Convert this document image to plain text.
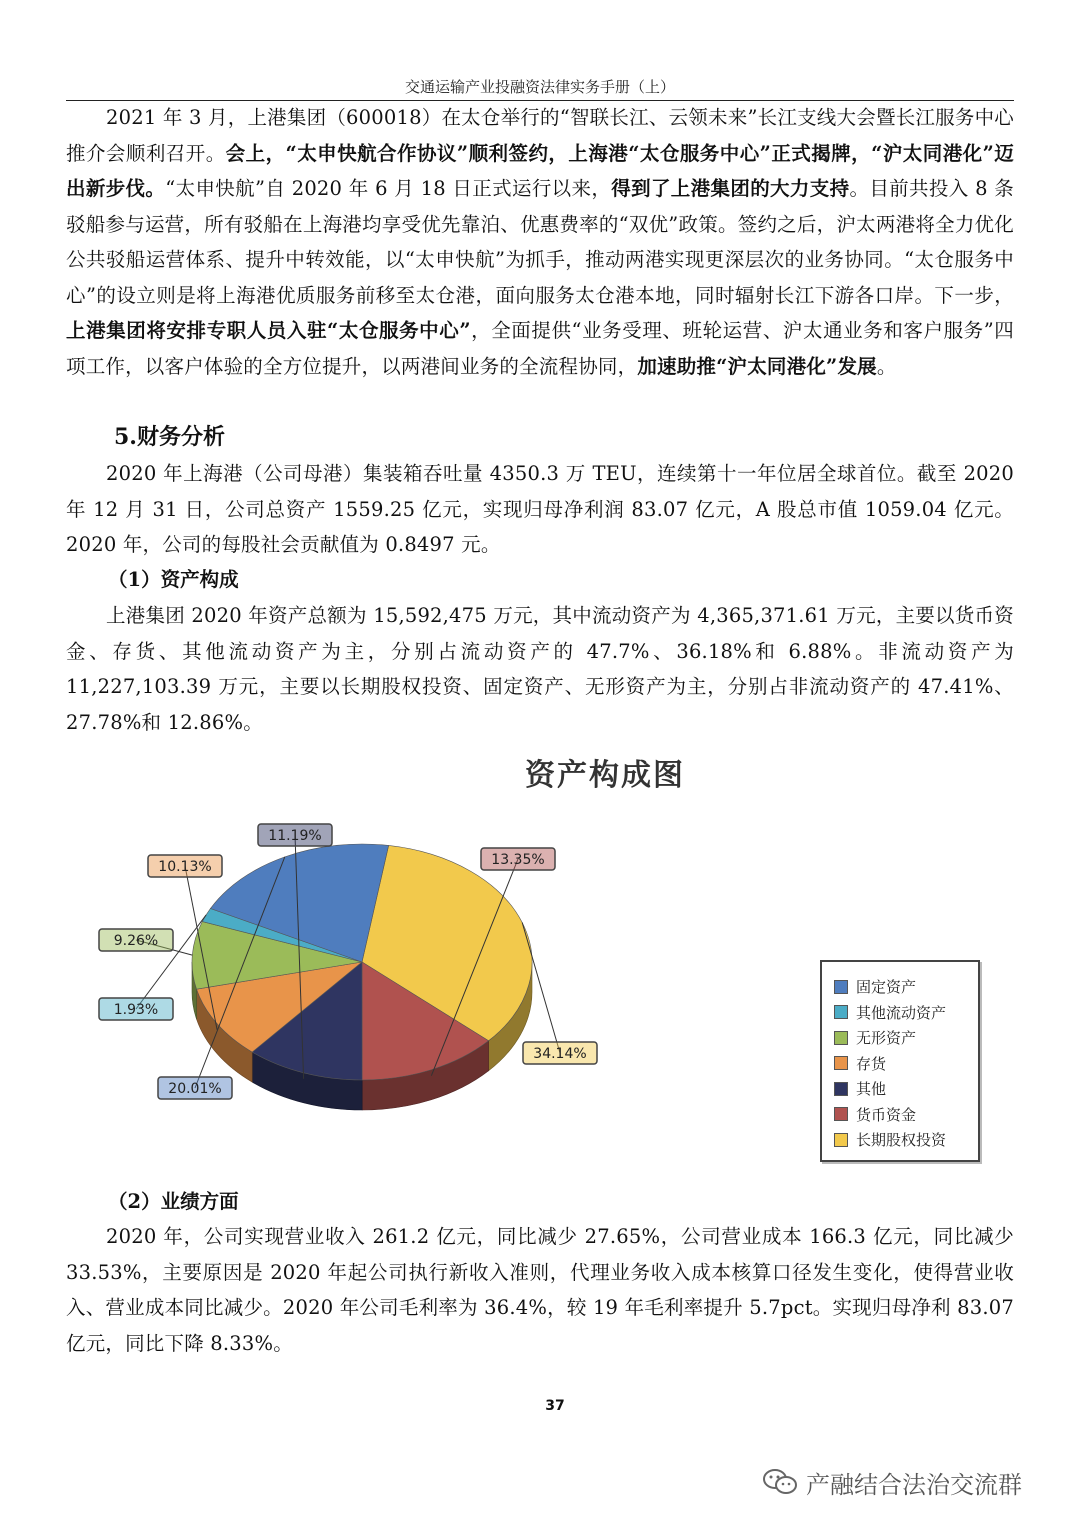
交通运输产业投融资法律实务手册（上）
2021 年 3 月，上港集团（600018）在太仓举行的“智联长江、云领未来”长江支线大会暨长江服务中心推介会顺利召开。会上，“太申快航合作协议”顺利签约，上海港“太仓服务中心”正式揭牌，“沪太同港化”迈出新步伐。“太申快航”自 2020 年 6 月 18 日正式运行以来，得到了上港集团的大力支持。目前共投入 8 条驳船参与运营，所有驳船在上海港均享受优先靠泊、优惠费率的“双优”政策。签约之后，沪太两港将全力优化公共驳船运营体系、提升中转效能，以“太申快航”为抓手，推动两港实现更深层次的业务协同。“太仓服务中心”的设立则是将上海港优质服务前移至太仓港，面向服务太仓港本地，同时辐射长江下游各口岸。下一步，上港集团将安排专职人员入驻“太仓服务中心”，全面提供“业务受理、班轮运营、沪太通业务和客户服务”四项工作，以客户体验的全方位提升，以两港间业务的全流程协同，加速助推“沪太同港化”发展。
5.财务分析
2020 年上海港（公司母港）集装箱吞吐量 4350.3 万 TEU，连续第十一年位居全球首位。截至 2020 年 12 月 31 日，公司总资产 1559.25 亿元，实现归母净利润 83.07 亿元，A 股总市值 1059.04 亿元。2020 年，公司的每股社会贡献值为 0.8497 元。
（1）资产构成
上港集团 2020 年资产总额为 15,592,475 万元，其中流动资产为 4,365,371.61 万元，主要以货币资金、存货、其他流动资产为主，分别占流动资产的 47.7%、36.18%和 6.88%。非流动资产为 11,227,103.39 万元，主要以长期股权投资、固定资产、无形资产为主，分别占非流动资产的 47.41%、27.78%和 12.86%。
资产构成图
34.14%
13.35%
11.19%
10.13%
9.26%
1.93%
20.01%
固定资产
其他流动资产
无形资产
存货
其他
货币资金
长期股权投资
（2）业绩方面
2020 年，公司实现营业收入 261.2 亿元，同比减少 27.65%，公司营业成本 166.3 亿元，同比减少 33.53%，主要原因是 2020 年起公司执行新收入准则，代理业务收入成本核算口径发生变化，使得营业收入、营业成本同比减少。2020 年公司毛利率为 36.4%，较 19 年毛利率提升 5.7pct。实现归母净利 83.07 亿元，同比下降 8.33%。
37
产融结合法治交流群
